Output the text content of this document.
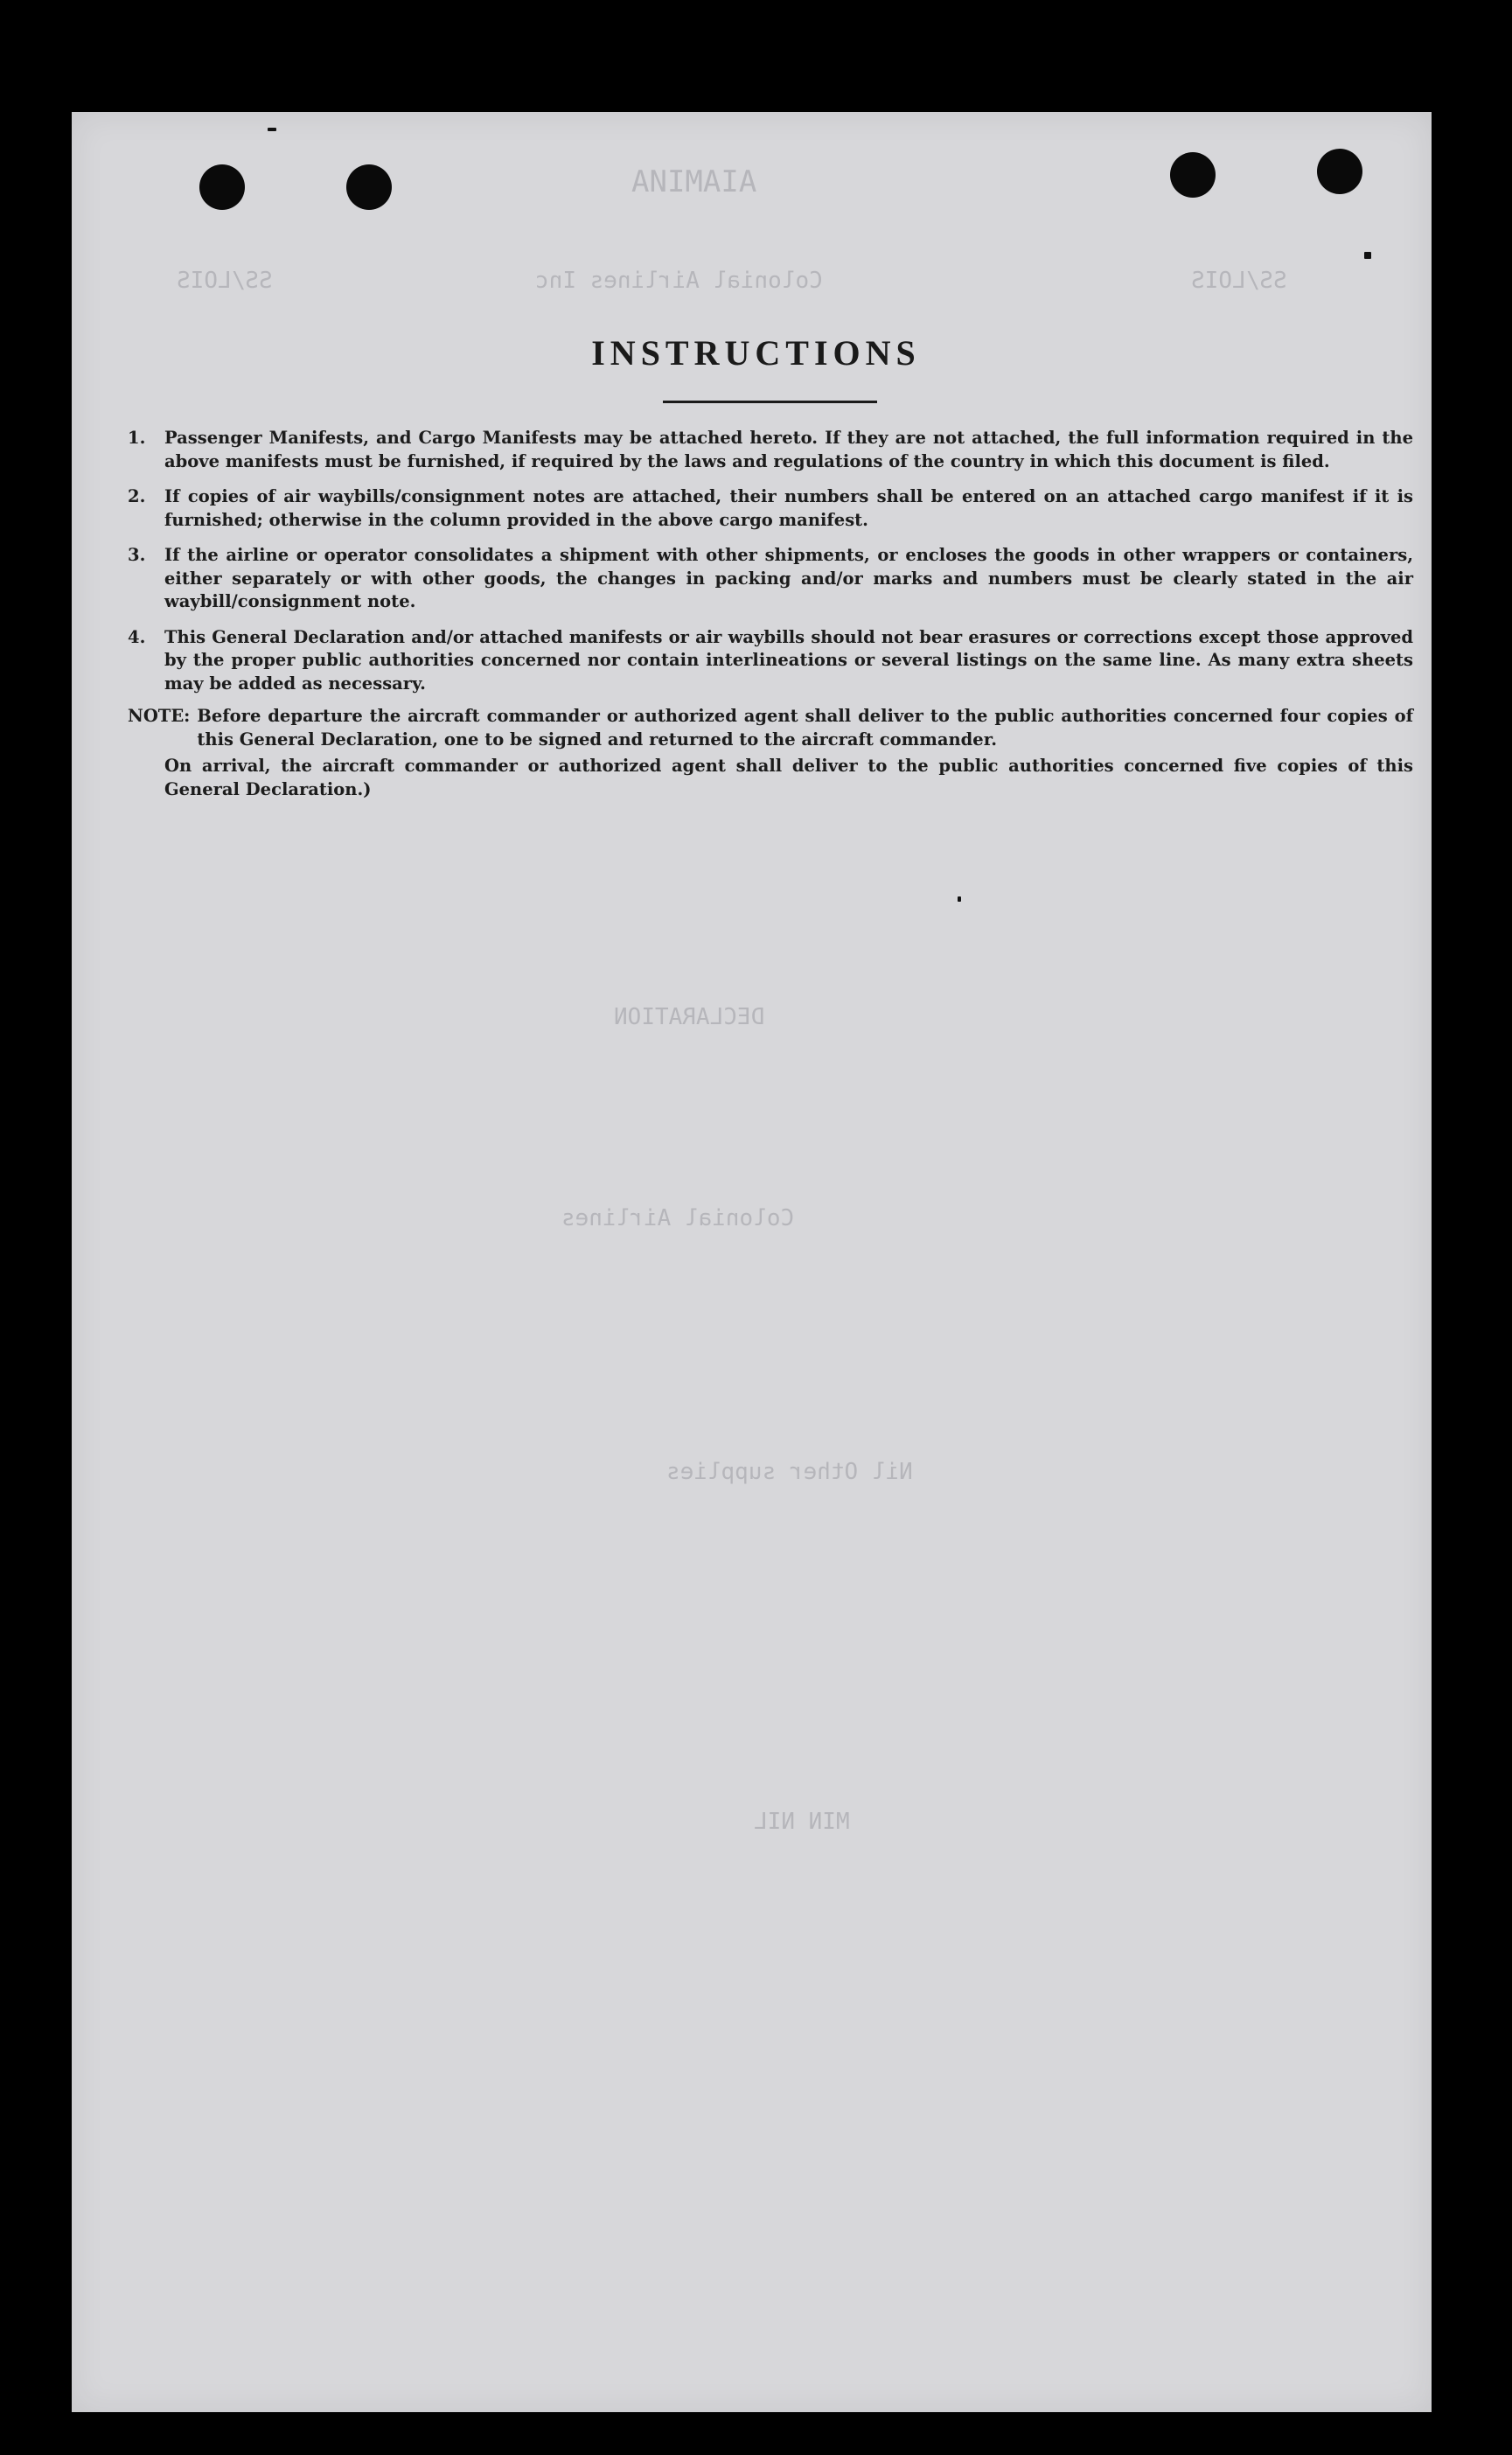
ANIMAIA
SS/LOIS	Colonial Airlines Inc	SS/LOIS
DECLARATION
Colonial Airlines
Nil Other supplies
MIN NIL
INSTRUCTIONS
1.	Passenger Manifests, and Cargo Manifests may be attached hereto. If they are not attached, the full information required in the above manifests must be furnished, if required by the laws and regulations of the country in which this document is filed.
2.	If copies of air waybills/consignment notes are attached, their numbers shall be entered on an attached cargo manifest if it is furnished; otherwise in the column provided in the above cargo manifest.
3.	If the airline or operator consolidates a shipment with other shipments, or encloses the goods in other wrappers or containers, either separately or with other goods, the changes in packing and/or marks and numbers must be clearly stated in the air waybill/consignment note.
4.	This General Declaration and/or attached manifests or air waybills should not bear erasures or corrections except those approved by the proper public authorities concerned nor contain interlineations or several listings on the same line. As many extra sheets may be added as necessary.
NOTE: Before departure the aircraft commander or authorized agent shall deliver to the public authorities concerned four copies of this General Declaration, one to be signed and returned to the aircraft commander.
On arrival, the aircraft commander or authorized agent shall deliver to the public authorities concerned five copies of this General Declaration.)
